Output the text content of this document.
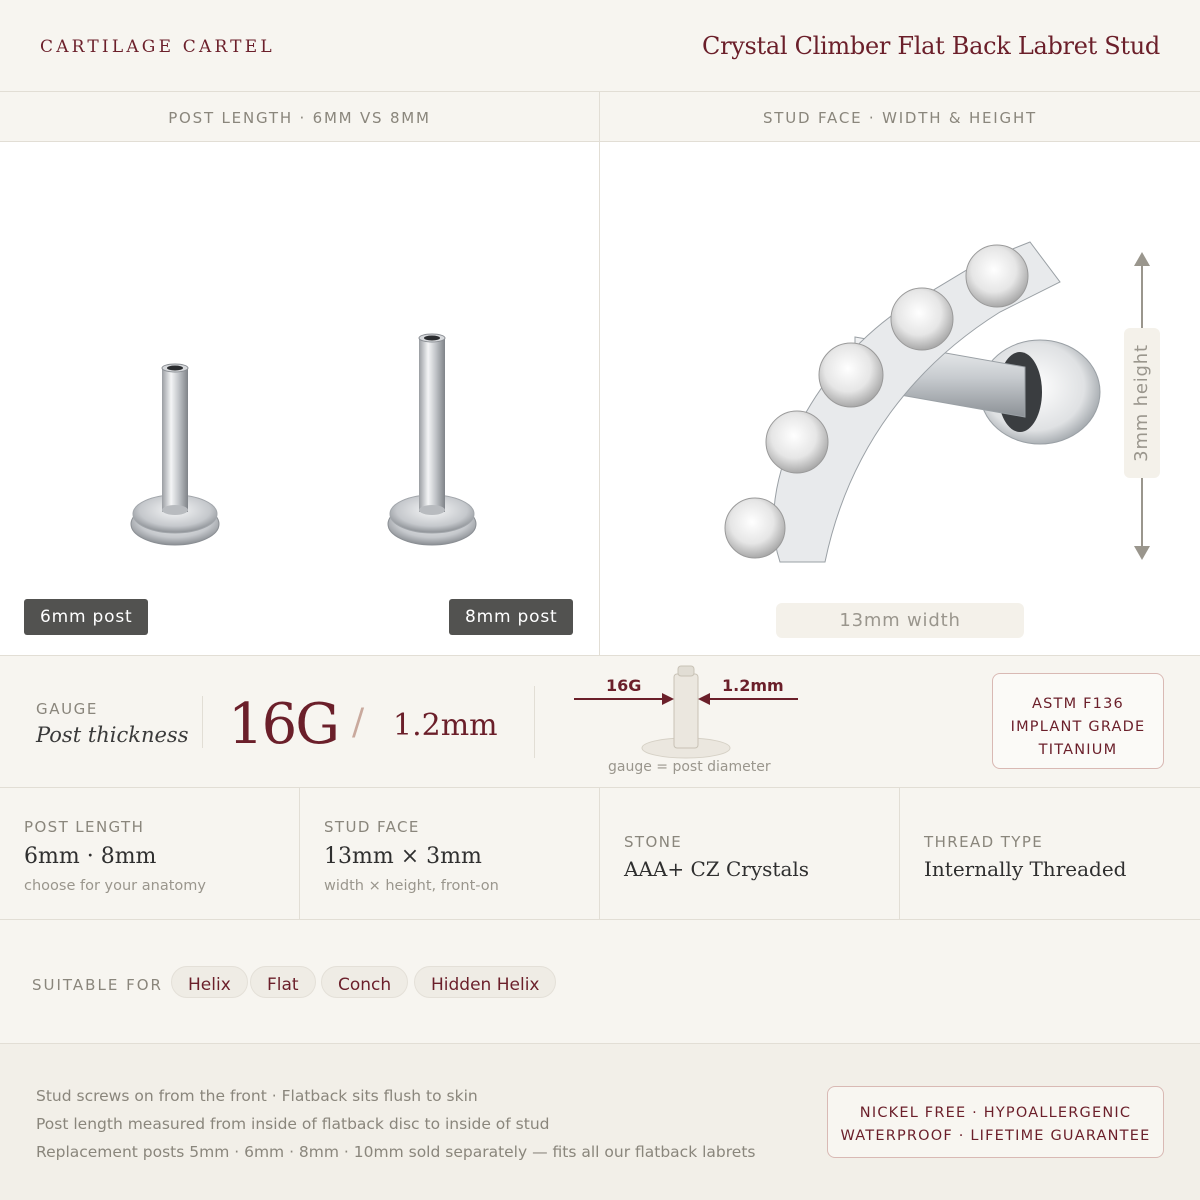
CARTILAGE CARTEL	Crystal Climber Flat Back Labret Stud
POST LENGTH · 6MM VS 8MM
6mm post	8mm post
STUD FACE · WIDTH & HEIGHT
13mm width
3mm height
GAUGE
Post thickness 16G / 1.2mm
16G	1.2mm
gauge = post diameter
ASTM F136
IMPLANT GRADE
TITANIUM
POST LENGTH
6mm · 8mm
choose for your anatomy
STUD FACE
13mm × 3mm
width × height, front-on
STONE
AAA+ CZ Crystals
THREAD TYPE
Internally Threaded
SUITABLE FOR	Helix	Flat	Conch	Hidden Helix
Stud screws on from the front · Flatback sits flush to skin
Post length measured from inside of flatback disc to inside of stud
Replacement posts 5mm · 6mm · 8mm · 10mm sold separately — fits all our flatback labrets
NICKEL FREE · HYPOALLERGENIC
WATERPROOF · LIFETIME GUARANTEE
